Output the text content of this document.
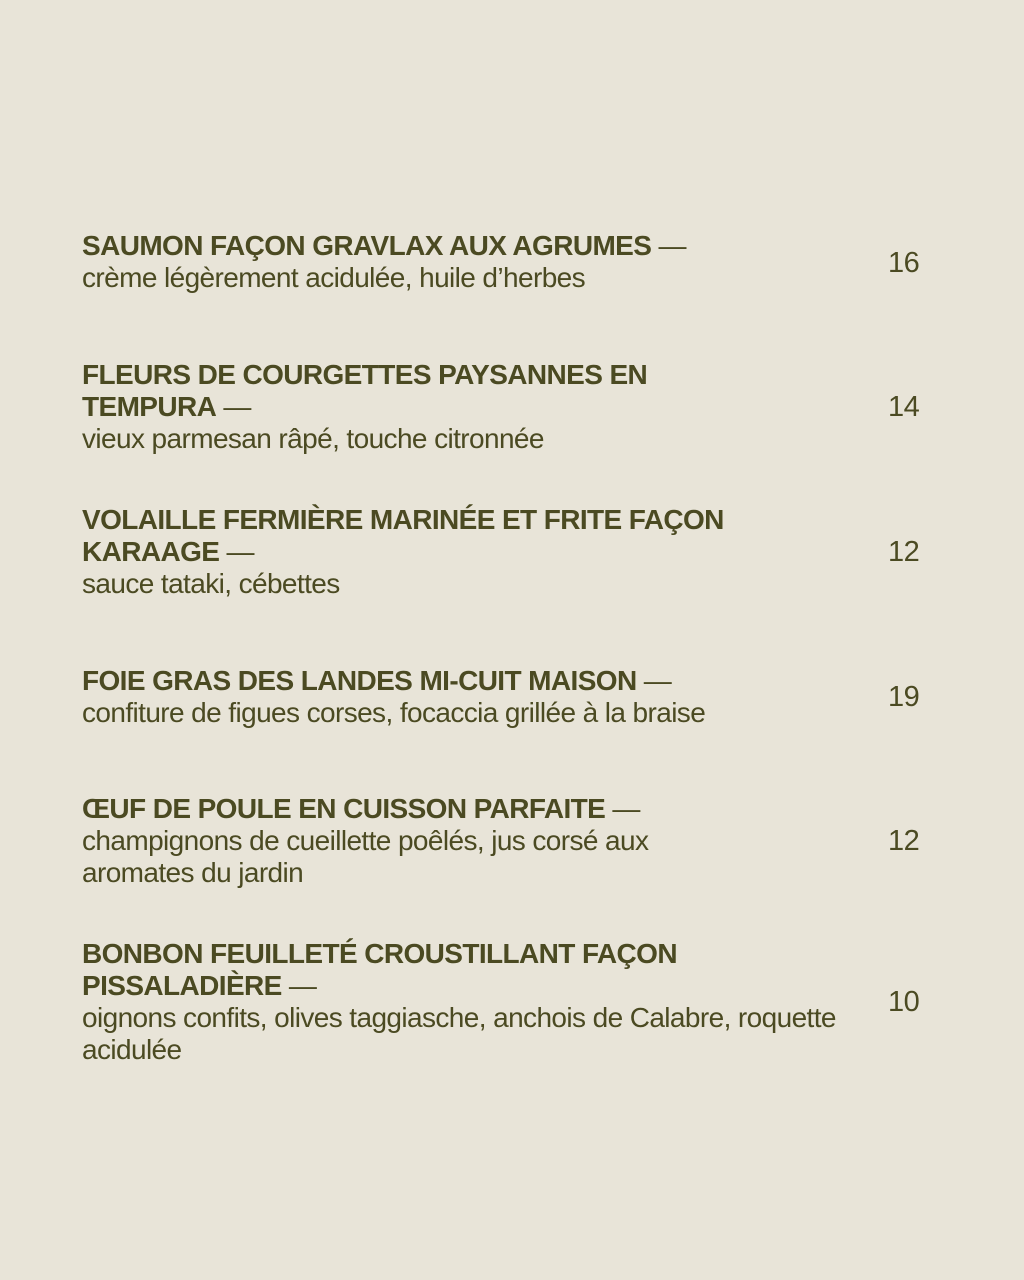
SAUMON FAÇON GRAVLAX AUX AGRUMES —

crème légèrement acidulée, huile d’herbes	16

FLEURS DE COURGETTES PAYSANNES EN TEMPURA —

vieux parmesan râpé, touche citronnée

14

VOLAILLE FERMIÈRE MARINÉE ET FRITE FAÇON KARAAGE —

sauce tataki, cébettes

12

FOIE GRAS DES LANDES MI-CUIT MAISON —

confiture de figues corses, focaccia grillée à la braise	19

ŒUF DE POULE EN CUISSON PARFAITE —

champignons de cueillette poêlés, jus corsé aux aromates du jardin

12

BONBON FEUILLETÉ CROUSTILLANT FAÇON PISSALADIÈRE —

oignons confits, olives taggiasche, anchois de Calabre, roquette acidulée

10
